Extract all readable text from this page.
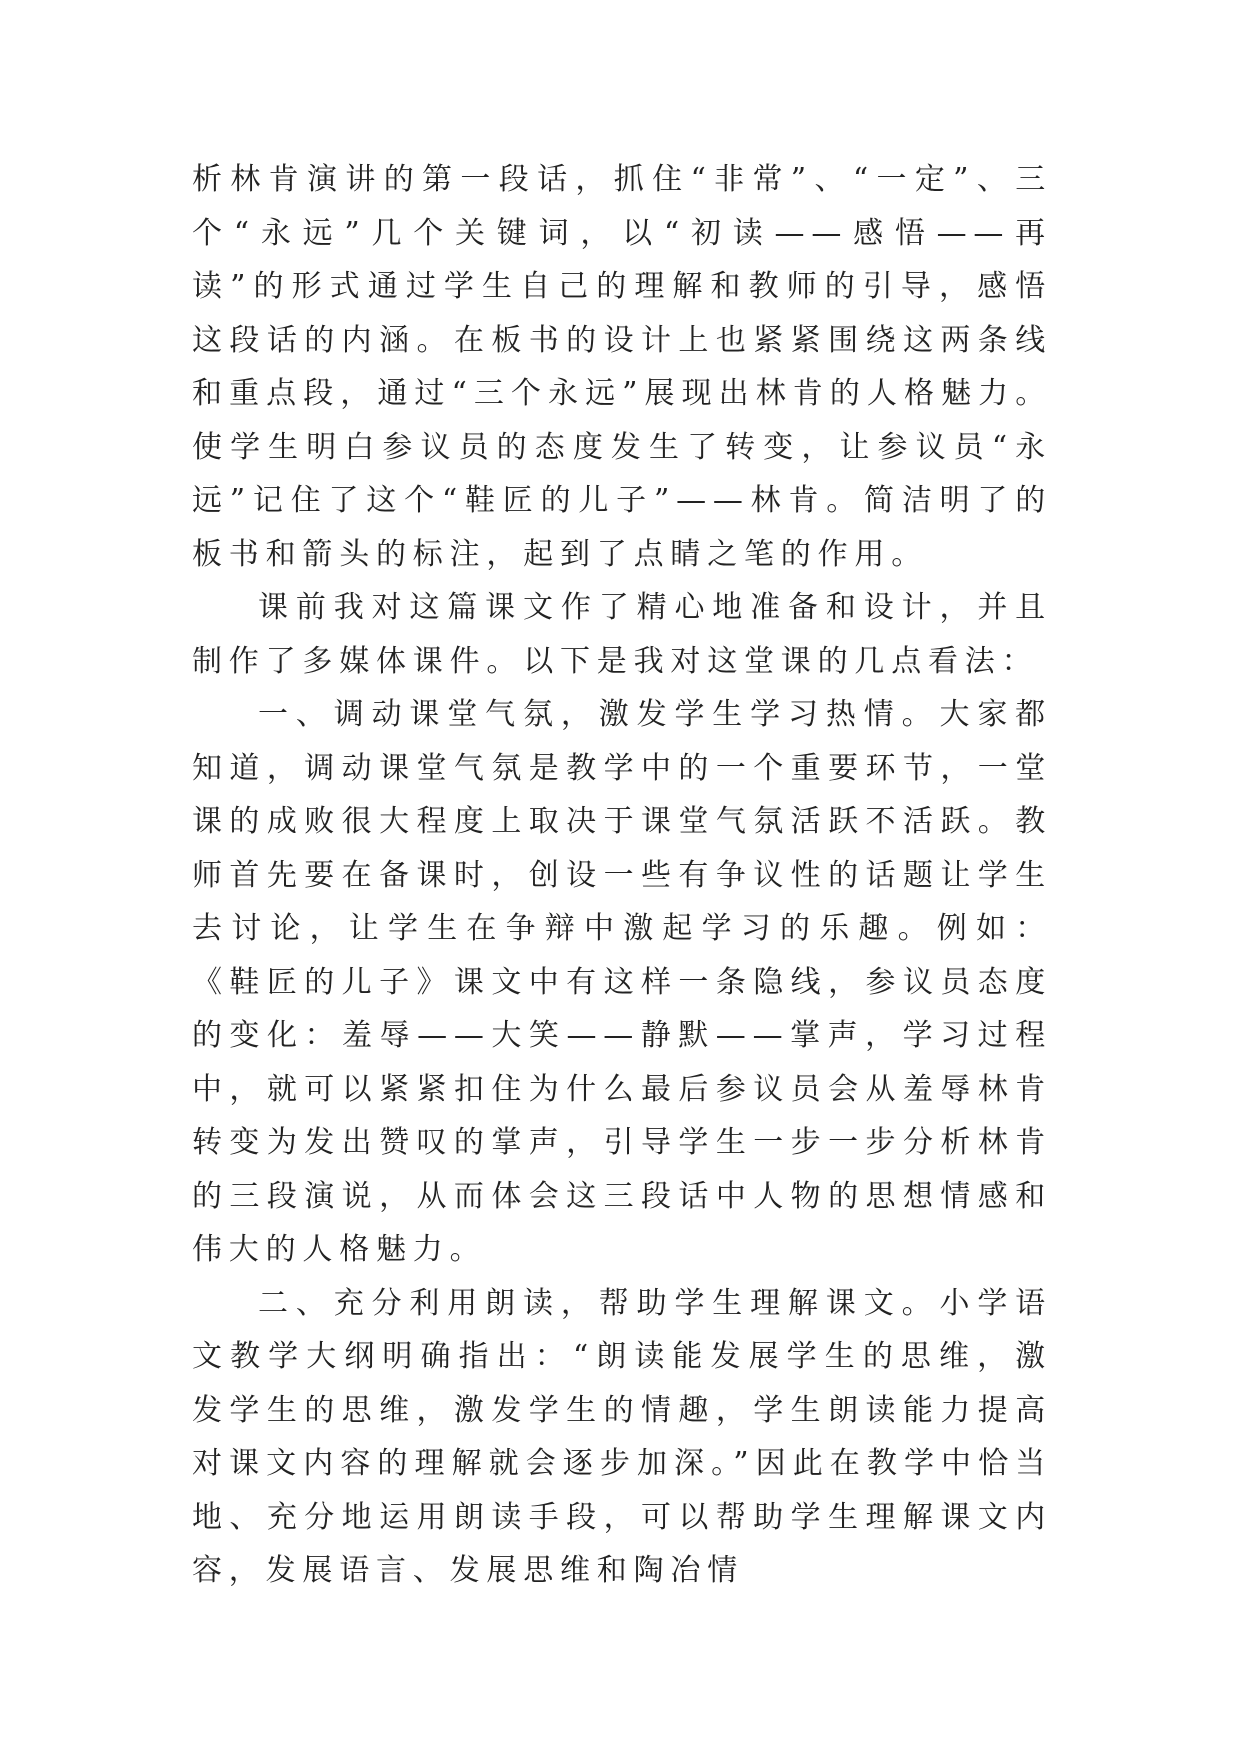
析林肯演讲的第一段话，抓住“非常”、“一定”、三个“永远”几个关键词，以“初读——感悟——再读”的形式通过学生自己的理解和教师的引导，感悟这段话的内涵。在板书的设计上也紧紧围绕这两条线和重点段，通过“三个永远”展现出林肯的人格魅力。使学生明白参议员的态度发生了转变，让参议员“永远”记住了这个“鞋匠的儿子”——林肯。简洁明了的板书和箭头的标注，起到了点睛之笔的作用。

课前我对这篇课文作了精心地准备和设计，并且制作了多媒体课件。以下是我对这堂课的几点看法：

一、调动课堂气氛，激发学生学习热情。大家都知道，调动课堂气氛是教学中的一个重要环节，一堂课的成败很大程度上取决于课堂气氛活跃不活跃。教师首先要在备课时，创设一些有争议性的话题让学生去讨论，让学生在争辩中激起学习的乐趣。例如：《鞋匠的儿子》课文中有这样一条隐线，参议员态度的变化：羞辱——大笑——静默——掌声，学习过程中，就可以紧紧扣住为什么最后参议员会从羞辱林肯转变为发出赞叹的掌声，引导学生一步一步分析林肯的三段演说，从而体会这三段话中人物的思想情感和伟大的人格魅力。

二、充分利用朗读，帮助学生理解课文。小学语文教学大纲明确指出：“朗读能发展学生的思维，激发学生的思维，激发学生的情趣，学生朗读能力提高对课文内容的理解就会逐步加深。”因此在教学中恰当地、充分地运用朗读手段，可以帮助学生理解课文内容，发展语言、发展思维和陶冶情
